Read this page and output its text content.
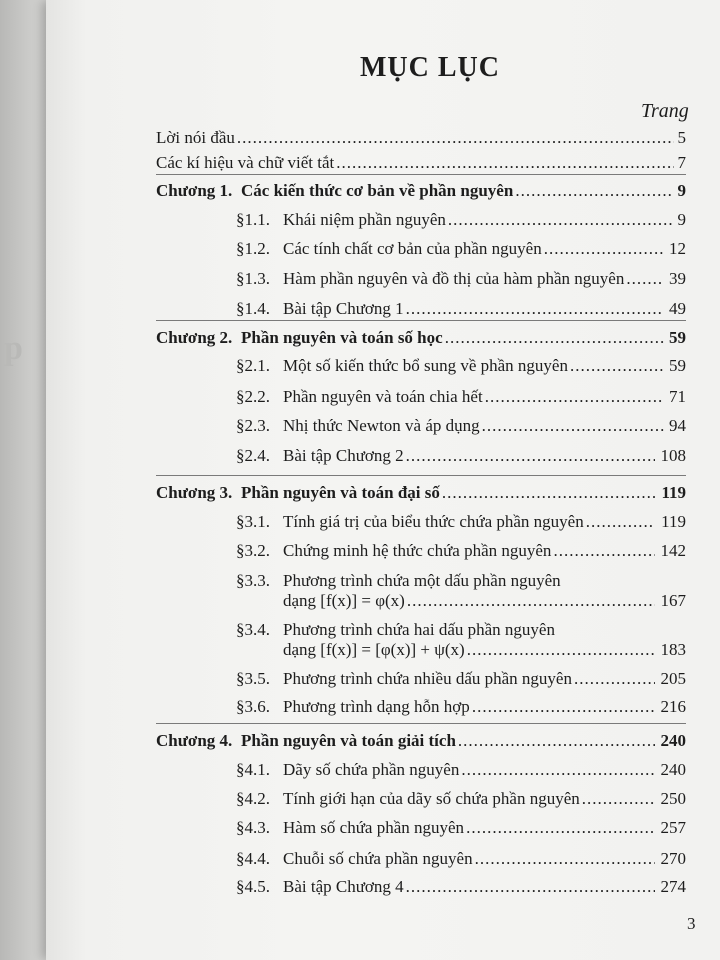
p
MỤC LỤC
Trang
Lời nói đầu .....	5
Các kí hiệu và chữ viết tắt .....	7
Chương 1. Các kiến thức cơ bản về phần nguyên .....	9
§1.1. Khái niệm phần nguyên .....	9
§1.2. Các tính chất cơ bản của phần nguyên .....	12
§1.3. Hàm phần nguyên và đồ thị của hàm phần nguyên .....	39
§1.4. Bài tập Chương 1 .....	49
Chương 2. Phần nguyên và toán số học .....	59
§2.1. Một số kiến thức bổ sung về phần nguyên .....	59
§2.2. Phần nguyên và toán chia hết .....	71
§2.3. Nhị thức Newton và áp dụng .....	94
§2.4. Bài tập Chương 2 .....	108
Chương 3. Phần nguyên và toán đại số .....	119
§3.1. Tính giá trị của biểu thức chứa phần nguyên .....	119
§3.2. Chứng minh hệ thức chứa phần nguyên .....	142
§3.3. Phương trình chứa một dấu phần nguyên
dạng [f(x)] = φ(x) .....	167
§3.4. Phương trình chứa hai dấu phần nguyên
dạng [f(x)] = [φ(x)] + ψ(x) .....	183
§3.5. Phương trình chứa nhiều dấu phần nguyên .....	205
§3.6. Phương trình dạng hỗn hợp .....	216
Chương 4. Phần nguyên và toán giải tích .....	240
§4.1. Dãy số chứa phần nguyên .....	240
§4.2. Tính giới hạn của dãy số chứa phần nguyên .....	250
§4.3. Hàm số chứa phần nguyên .....	257
§4.4. Chuỗi số chứa phần nguyên .....	270
§4.5. Bài tập Chương 4 .....	274
3
